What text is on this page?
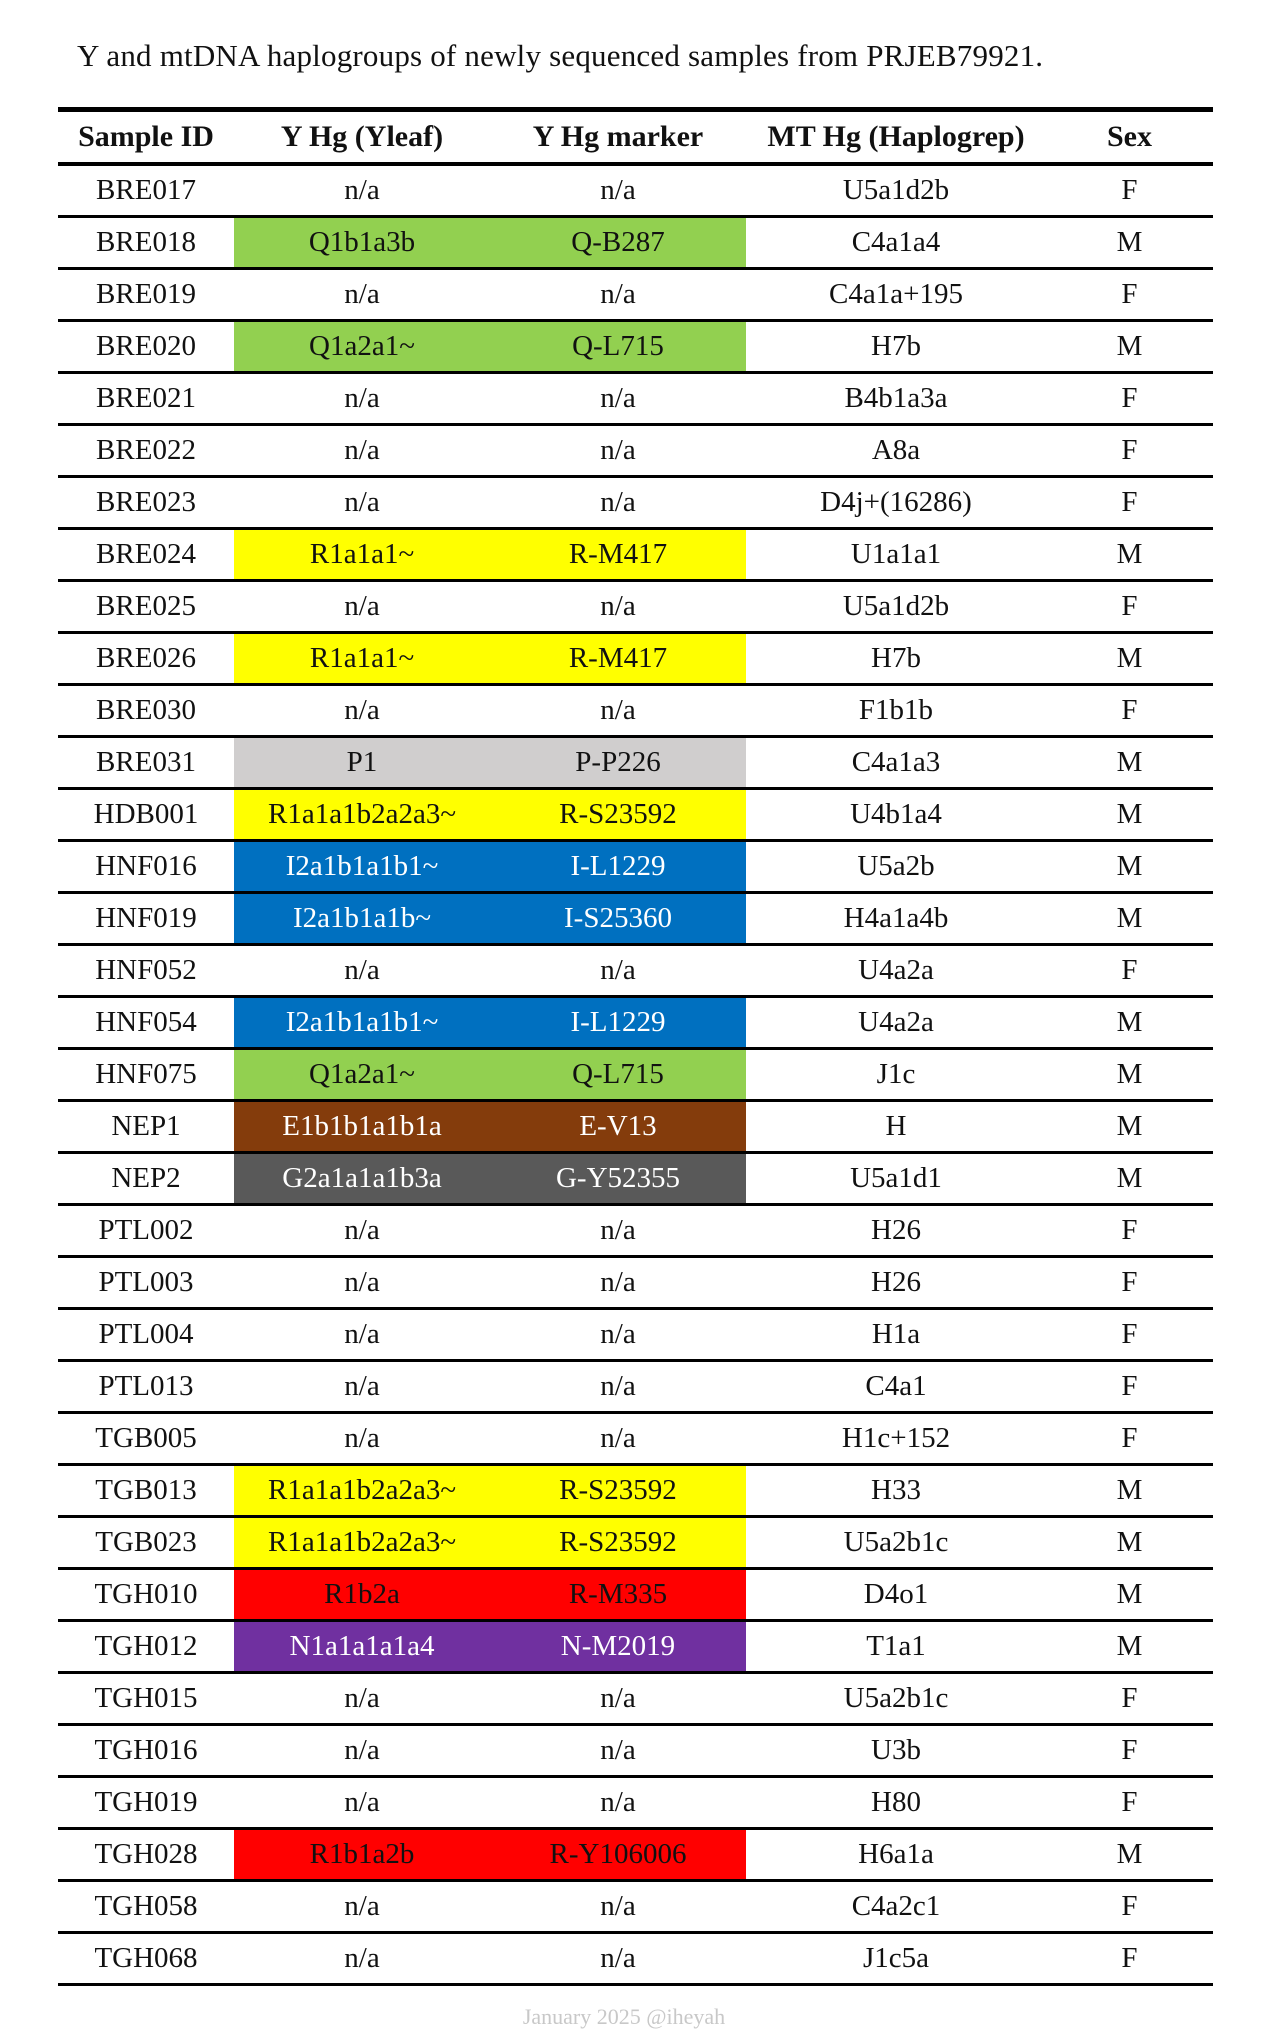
Y and mtDNA haplogroups of newly sequenced samples from PRJEB79921.
Sample ID	Y Hg (Yleaf)	Y Hg marker	MT Hg (Haplogrep)	Sex
BRE017	n/a	n/a	U5a1d2b	F
BRE018	Q1b1a3b	Q-B287	C4a1a4	M
BRE019	n/a	n/a	C4a1a+195	F
BRE020	Q1a2a1~	Q-L715	H7b	M
BRE021	n/a	n/a	B4b1a3a	F
BRE022	n/a	n/a	A8a	F
BRE023	n/a	n/a	D4j+(16286)	F
BRE024	R1a1a1~	R-M417	U1a1a1	M
BRE025	n/a	n/a	U5a1d2b	F
BRE026	R1a1a1~	R-M417	H7b	M
BRE030	n/a	n/a	F1b1b	F
BRE031	P1	P-P226	C4a1a3	M
HDB001	R1a1a1b2a2a3~	R-S23592	U4b1a4	M
HNF016	I2a1b1a1b1~	I-L1229	U5a2b	M
HNF019	I2a1b1a1b~	I-S25360	H4a1a4b	M
HNF052	n/a	n/a	U4a2a	F
HNF054	I2a1b1a1b1~	I-L1229	U4a2a	M
HNF075	Q1a2a1~	Q-L715	J1c	M
NEP1	E1b1b1a1b1a	E-V13	H	M
NEP2	G2a1a1a1b3a	G-Y52355	U5a1d1	M
PTL002	n/a	n/a	H26	F
PTL003	n/a	n/a	H26	F
PTL004	n/a	n/a	H1a	F
PTL013	n/a	n/a	C4a1	F
TGB005	n/a	n/a	H1c+152	F
TGB013	R1a1a1b2a2a3~	R-S23592	H33	M
TGB023	R1a1a1b2a2a3~	R-S23592	U5a2b1c	M
TGH010	R1b2a	R-M335	D4o1	M
TGH012	N1a1a1a1a4	N-M2019	T1a1	M
TGH015	n/a	n/a	U5a2b1c	F
TGH016	n/a	n/a	U3b	F
TGH019	n/a	n/a	H80	F
TGH028	R1b1a2b	R-Y106006	H6a1a	M
TGH058	n/a	n/a	C4a2c1	F
TGH068	n/a	n/a	J1c5a	F
January 2025 @iheyah
